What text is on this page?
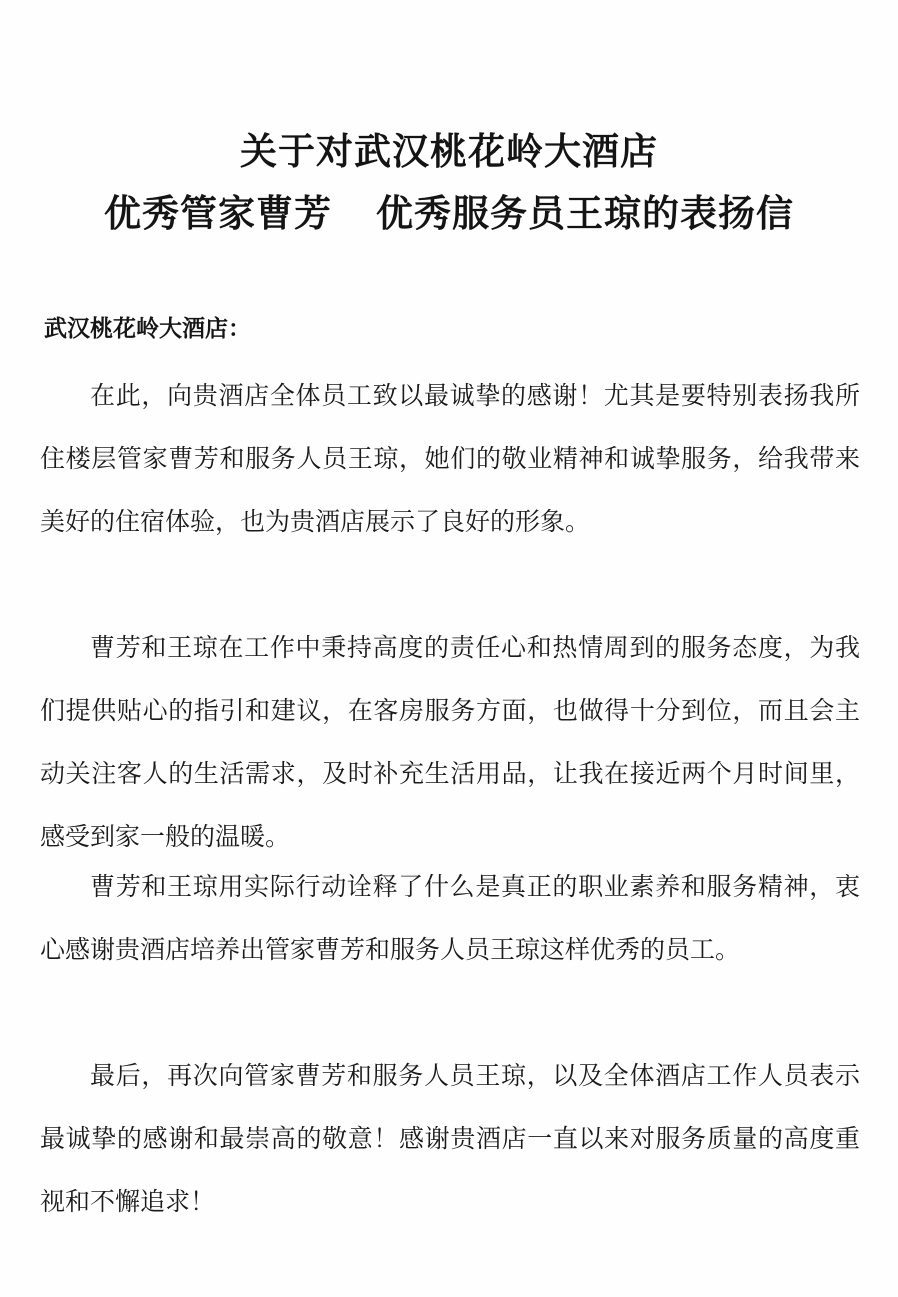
关于对武汉桃花岭大酒店
优秀管家曹芳 优秀服务员王琼的表扬信
武汉桃花岭大酒店：

在此，向贵酒店全体员工致以最诚挚的感谢！尤其是要特别表扬我所住楼层管家曹芳和服务人员王琼，她们的敬业精神和诚挚服务，给我带来美好的住宿体验，也为贵酒店展示了良好的形象。

曹芳和王琼在工作中秉持高度的责任心和热情周到的服务态度，为我们提供贴心的指引和建议，在客房服务方面，也做得十分到位，而且会主动关注客人的生活需求，及时补充生活用品，让我在接近两个月时间里，感受到家一般的温暖。

曹芳和王琼用实际行动诠释了什么是真正的职业素养和服务精神，衷心感谢贵酒店培养出管家曹芳和服务人员王琼这样优秀的员工。

最后，再次向管家曹芳和服务人员王琼，以及全体酒店工作人员表示最诚挚的感谢和最崇高的敬意！感谢贵酒店一直以来对服务质量的高度重视和不懈追求！
